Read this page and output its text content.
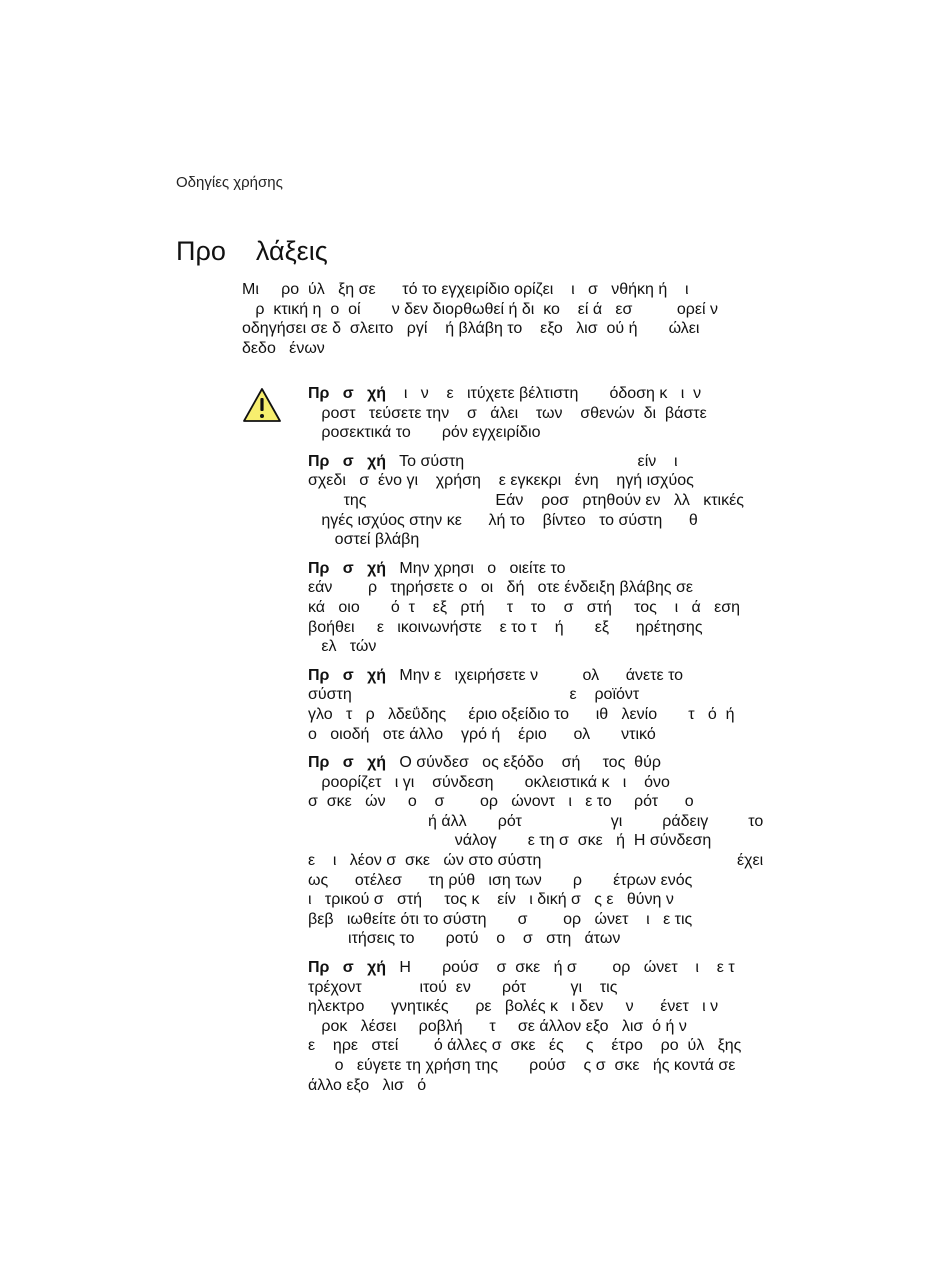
Οδηγίες χρήσης
Προ    λάξεις
Μι     ρο  ύλ   ξη σε      τό το εγχειρίδιο ορίζει    ι   σ   νθήκη ή    ι
ρ  κτική η  ο  οί       ν δεν διορθωθεί ή δι  κο    εί ά   εσ          ορεί ν
οδηγήσει σε δ  σλειτο   ργί    ή βλάβη το    εξο   λισ  ού ή       ώλει
δεδο   ένων
Πρ   σ   χή    ι   ν    ε   ιτύχετε βέλτιστη       όδοση κ   ι  ν
ροστ   τεύσετε την    σ   άλει    των    σθενών  δι  βάστε
ροσεκτικά το       ρόν εγχειρίδιο
Πρ   σ   χή   Το σύστη                                       είν    ι
σχεδι   σ  ένο γι    χρήση    ε εγκεκρι   ένη    ηγή ισχύος
της                             Εάν    ροσ   ρτηθούν εν   λλ   κτικές
ηγές ισχύος στην κε      λή το    βίντεο   το σύστη      θ
οστεί βλάβη
Πρ   σ   χή   Μην χρησι   ο   οιείτε το
εάν        ρ   τηρήσετε ο   οι   δή   οτε ένδειξη βλάβης σε
κά   οιο       ό  τ    εξ   ρτή     τ    το    σ   στή     τος    ι   ά   εση
βοήθει     ε   ικοινωνήστε    ε το τ    ή       εξ      ηρέτησης
ελ   τών
Πρ   σ   χή   Μην ε   ιχειρήσετε ν          ολ      άνετε το
σύστη                                                 ε    ροϊόντ
γλο   τ   ρ   λδεΰδης     έριο οξείδιο το      ιθ   λενίο       τ   ό  ή
ο   οιοδή   οτε άλλο    γρό ή    έριο      ολ       ντικό
Πρ   σ   χή   Ο σύνδεσ   ος εξόδο    σή     τος  θύρ
ροορίζετ   ι γι    σύνδεση       οκλειστικά κ   ι    όνο
σ  σκε   ών     ο    σ        ορ   ώνοντ   ι   ε το     ρότ      ο
ή άλλ       ρότ                    γι         ράδειγ         το
νάλογ       ε τη σ  σκε   ή  Η σύνδεση
ε    ι   λέον σ  σκε   ών στο σύστη                                            έχει
ως      οτέλεσ      τη ρύθ   ιση των       ρ       έτρων ενός
ι   τρικού σ   στή     τος κ    είν   ι δική σ   ς ε   θύνη ν
βεβ   ιωθείτε ότι το σύστη       σ        ορ   ώνετ    ι   ε τις
ιτήσεις το       ροτύ    ο    σ   στη   άτων
Πρ   σ   χή   Η       ρούσ    σ  σκε   ή σ        ορ   ώνετ    ι    ε τ
τρέχοντ             ιτού  εν       ρότ          γι    τις
ηλεκτρο      γνητικές      ρε   βολές κ   ι δεν     ν      ένετ   ι ν
ροκ   λέσει     ροβλή      τ     σε άλλον εξο   λισ  ό ή ν
ε    ηρε   στεί        ό άλλες σ  σκε   ές     ς    έτρο    ρο  ύλ   ξης
ο   εύγετε τη χρήση της       ρούσ    ς σ  σκε   ής κοντά σε
άλλο εξο   λισ   ό
